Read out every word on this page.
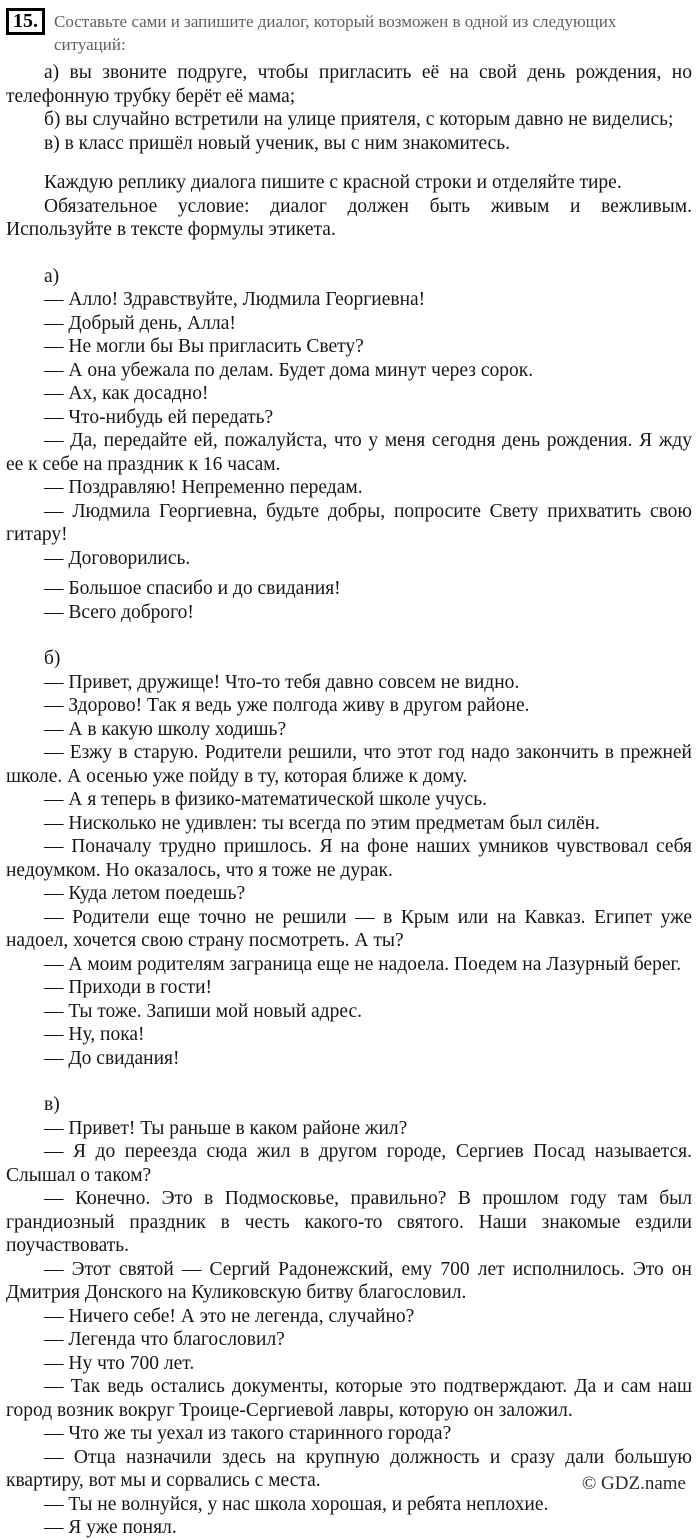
15. Составьте сами и запишите диалог, который возможен в одной из следующих ситуаций:

а) вы звоните подруге, чтобы пригласить её на свой день рождения, но телефонную трубку берёт её мама;

б) вы случайно встретили на улице приятеля, с которым давно не виделись;

в) в класс пришёл новый ученик, вы с ним знакомитесь.

Каждую реплику диалога пишите с красной строки и отделяйте тире.

Обязательное условие: диалог должен быть живым и вежливым. Используйте в тексте формулы этикета.

а)

— Алло! Здравствуйте, Людмила Георгиевна!

— Добрый день, Алла!

— Не могли бы Вы пригласить Свету?

— А она убежала по делам. Будет дома минут через сорок.

— Ах, как досадно!

— Что-нибудь ей передать?

— Да, передайте ей, пожалуйста, что у меня сегодня день рождения. Я жду ее к себе на праздник к 16 часам.

— Поздравляю! Непременно передам.

— Людмила Георгиевна, будьте добры, попросите Свету прихватить свою гитару!

— Договорились.

— Большое спасибо и до свидания!

— Всего доброго!

б)

— Привет, дружище! Что-то тебя давно совсем не видно.

— Здорово! Так я ведь уже полгода живу в другом районе.

— А в какую школу ходишь?

— Езжу в старую. Родители решили, что этот год надо закончить в прежней школе. А осенью уже пойду в ту, которая ближе к дому.

— А я теперь в физико-математической школе учусь.

— Нисколько не удивлен: ты всегда по этим предметам был силён.

— Поначалу трудно пришлось. Я на фоне наших умников чувствовал себя недоумком. Но оказалось, что я тоже не дурак.

— Куда летом поедешь?

— Родители еще точно не решили — в Крым или на Кавказ. Египет уже надоел, хочется свою страну посмотреть. А ты?

— А моим родителям заграница еще не надоела. Поедем на Лазурный берег.

— Приходи в гости!

— Ты тоже. Запиши мой новый адрес.

— Ну, пока!

— До свидания!

в)

— Привет! Ты раньше в каком районе жил?

— Я до переезда сюда жил в другом городе, Сергиев Посад называется. Слышал о таком?

— Конечно. Это в Подмосковье, правильно? В прошлом году там был грандиозный праздник в честь какого-то святого. Наши знакомые ездили поучаствовать.

— Этот святой — Сергий Радонежский, ему 700 лет исполнилось. Это он Дмитрия Донского на Куликовскую битву благословил.

— Ничего себе! А это не легенда, случайно?

— Легенда что благословил?

— Ну что 700 лет.

— Так ведь остались документы, которые это подтверждают. Да и сам наш город возник вокруг Троице-Сергиевой лавры, которую он заложил.

— Что же ты уехал из такого старинного города?

— Отца назначили здесь на крупную должность и сразу дали большую квартиру, вот мы и сорвались с места.

— Ты не волнуйся, у нас школа хорошая, и ребята неплохие.

— Я уже понял.

© GDZ.name
